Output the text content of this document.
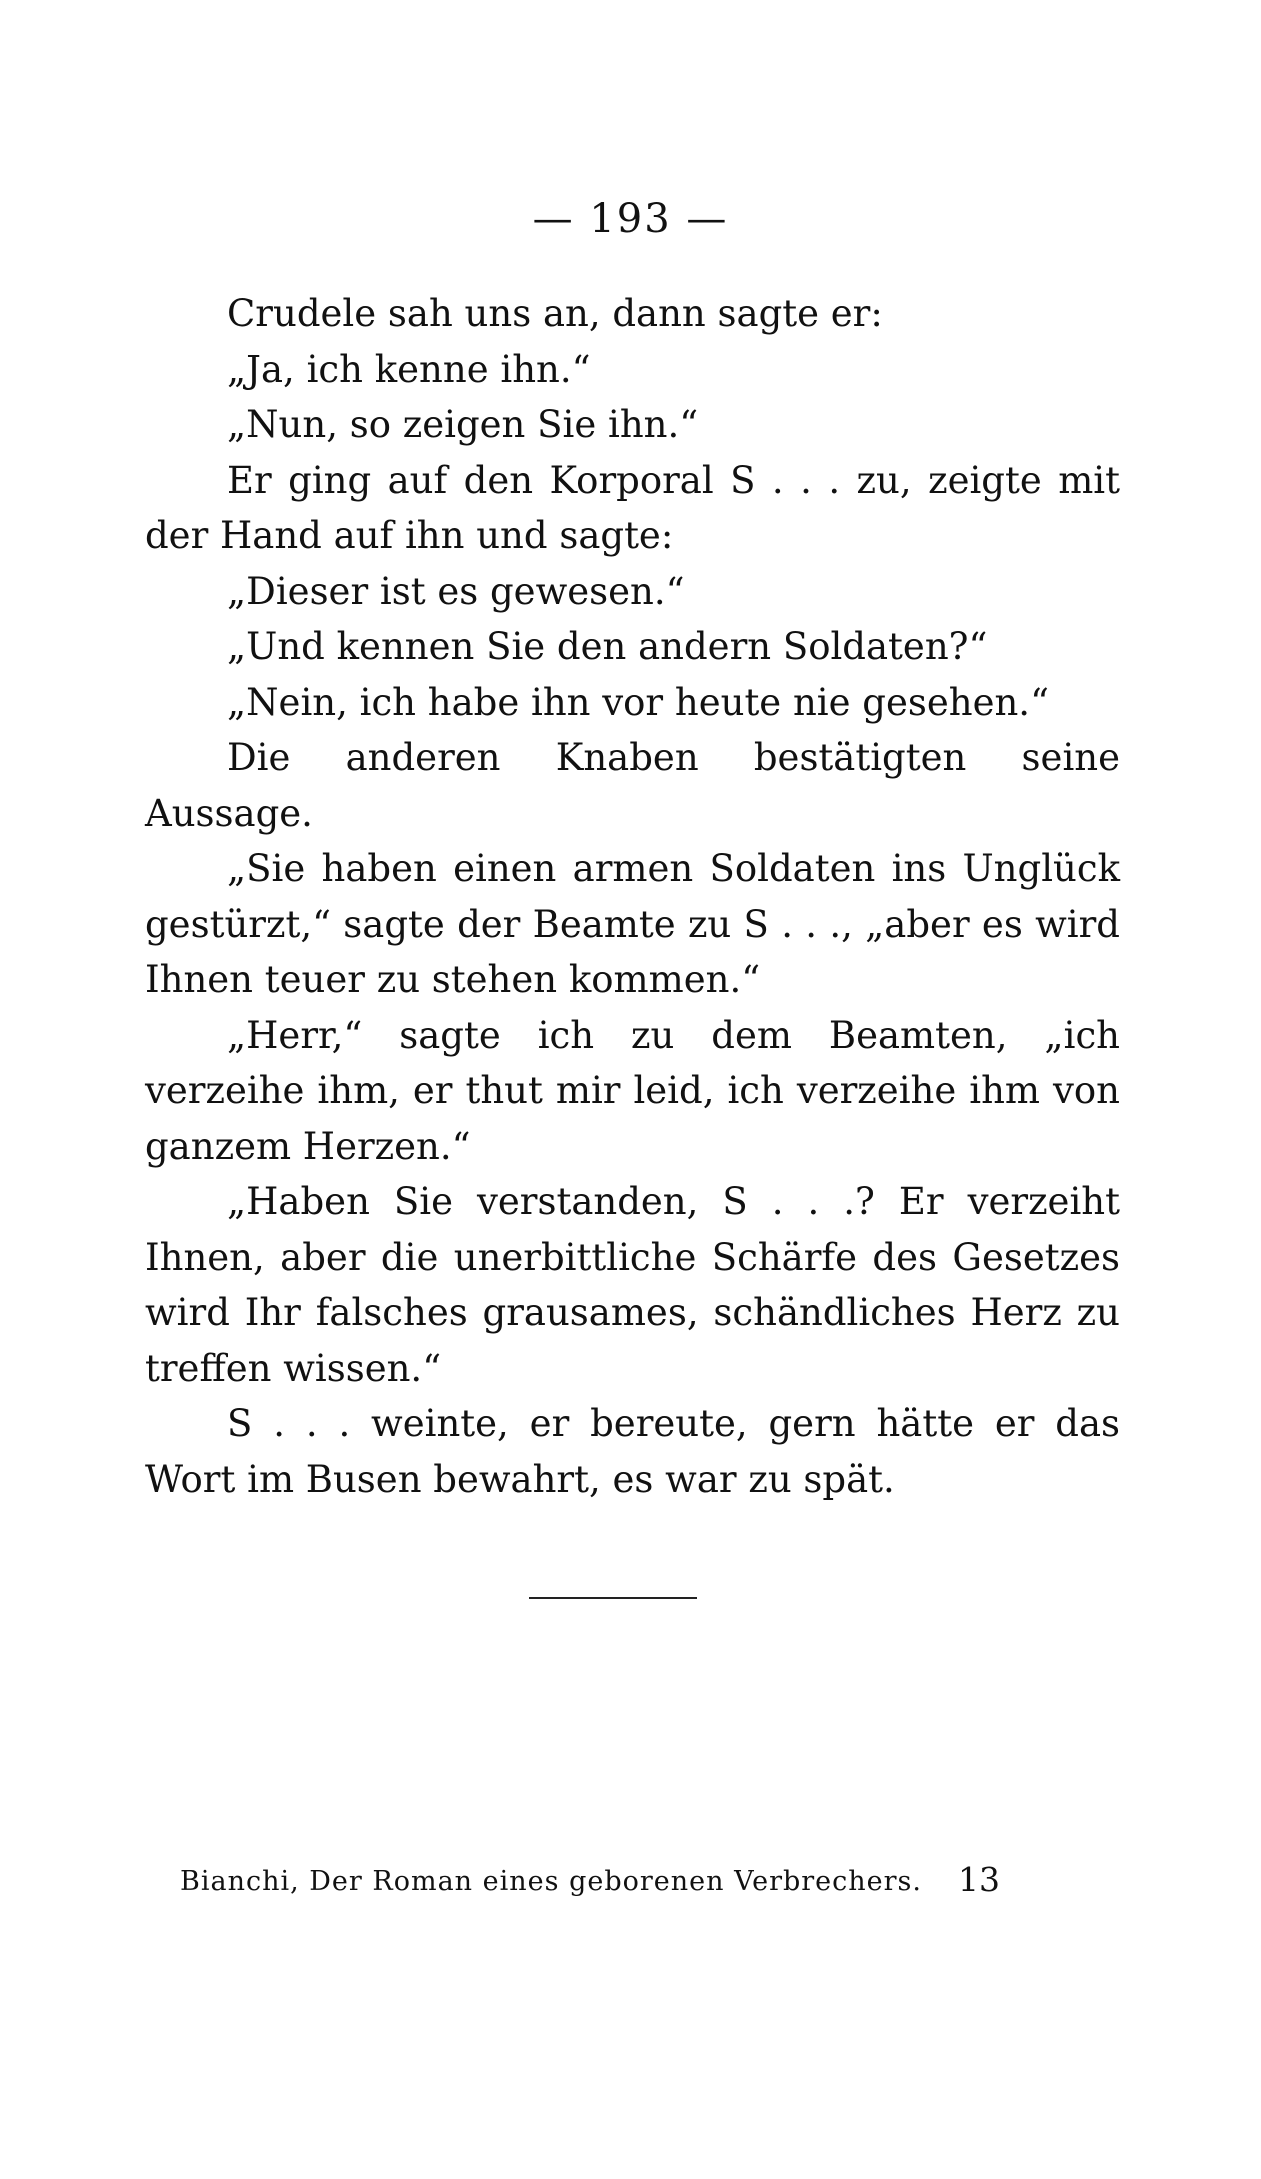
— 193 —

Crudele sah uns an, dann sagte er:

„Ja, ich kenne ihn.“

„Nun, so zeigen Sie ihn.“

Er ging auf den Korporal S . . . zu, zeigte mit der Hand auf ihn und sagte:

„Dieser ist es gewesen.“

„Und kennen Sie den andern Soldaten?“

„Nein, ich habe ihn vor heute nie gesehen.“

Die anderen Knaben bestätigten seine Aussage.

„Sie haben einen armen Soldaten ins Unglück gestürzt,“ sagte der Beamte zu S . . ., „aber es wird Ihnen teuer zu stehen kommen.“

„Herr,“ sagte ich zu dem Beamten, „ich verzeihe ihm, er thut mir leid, ich verzeihe ihm von ganzem Herzen.“

„Haben Sie verstanden, S . . .? Er verzeiht Ihnen, aber die unerbittliche Schärfe des Gesetzes wird Ihr falsches grausames, schändliches Herz zu treffen wissen.“

S . . . weinte, er bereute, gern hätte er das Wort im Busen bewahrt, es war zu spät.

Bianchi, Der Roman eines geborenen Verbrechers. 13
